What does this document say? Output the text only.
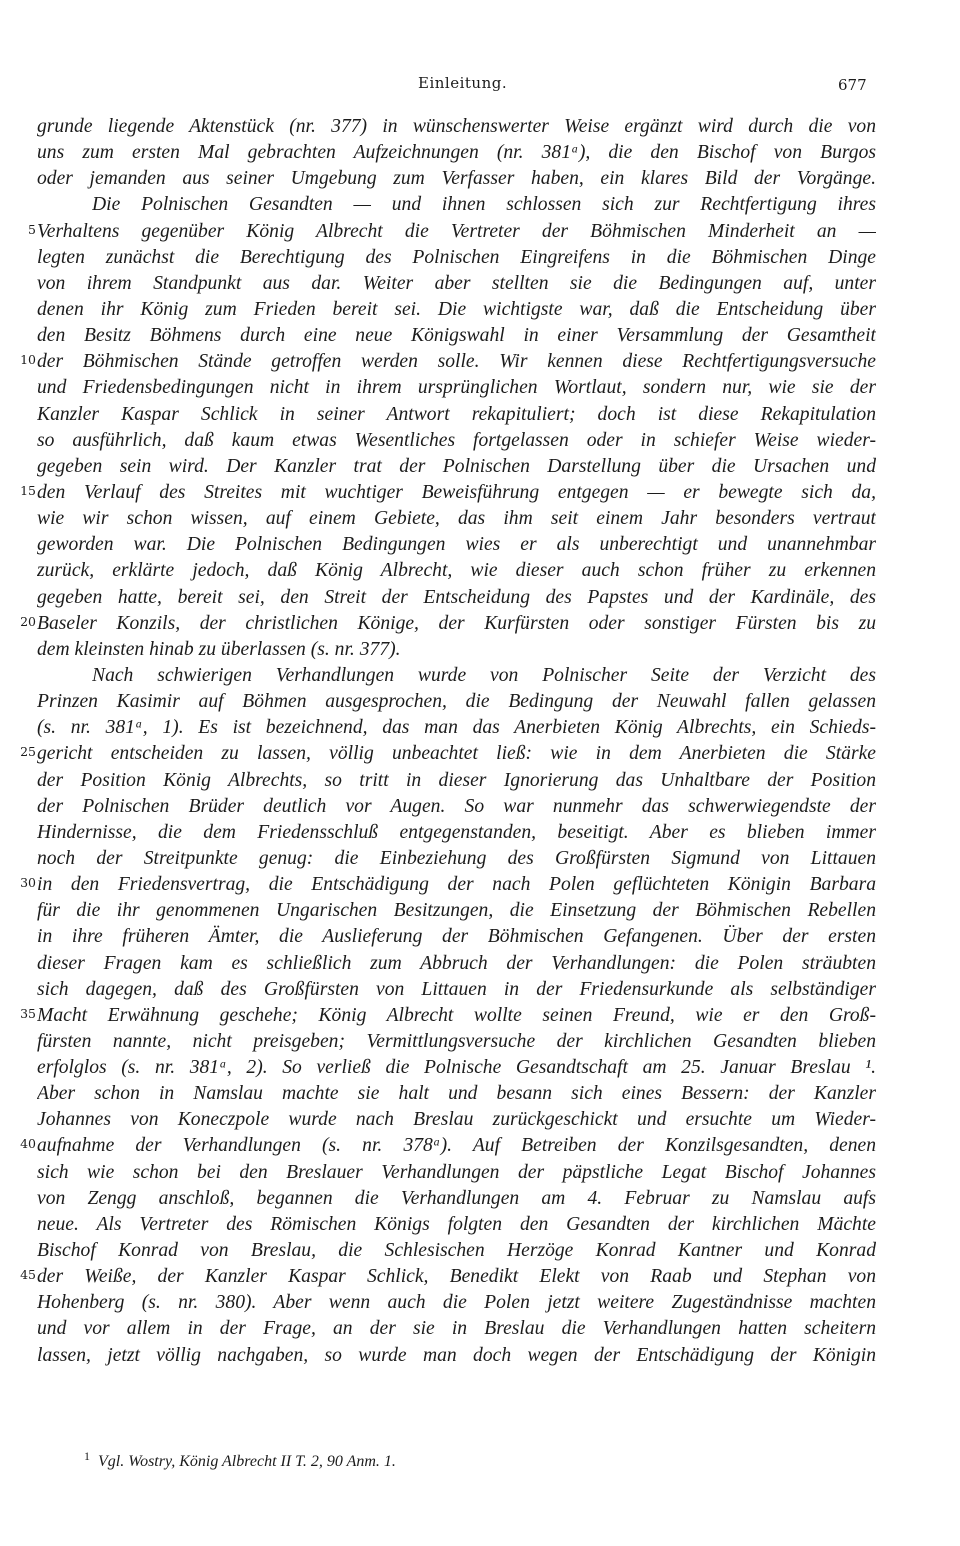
Einleitung.	677
grunde liegende Aktenstück (nr. 377) in wünschenswerter Weise ergänzt wird durch die von
uns zum ersten Mal gebrachten Aufzeichnungen (nr. 381ᵃ), die den Bischof von Burgos
oder jemanden aus seiner Umgebung zum Verfasser haben, ein klares Bild der Vorgänge.
Die Polnischen Gesandten — und ihnen schlossen sich zur Rechtfertigung ihres
5 Verhaltens gegenüber König Albrecht die Vertreter der Böhmischen Minderheit an —
legten zunächst die Berechtigung des Polnischen Eingreifens in die Böhmischen Dinge
von ihrem Standpunkt aus dar. Weiter aber stellten sie die Bedingungen auf, unter
denen ihr König zum Frieden bereit sei. Die wichtigste war, daß die Entscheidung über
den Besitz Böhmens durch eine neue Königswahl in einer Versammlung der Gesamtheit
10 der Böhmischen Stände getroffen werden solle. Wir kennen diese Rechtfertigungsversuche
und Friedensbedingungen nicht in ihrem ursprünglichen Wortlaut, sondern nur, wie sie der
Kanzler Kaspar Schlick in seiner Antwort rekapituliert; doch ist diese Rekapitulation
so ausführlich, daß kaum etwas Wesentliches fortgelassen oder in schiefer Weise wieder-
gegeben sein wird. Der Kanzler trat der Polnischen Darstellung über die Ursachen und
15 den Verlauf des Streites mit wuchtiger Beweisführung entgegen — er bewegte sich da,
wie wir schon wissen, auf einem Gebiete, das ihm seit einem Jahr besonders vertraut
geworden war. Die Polnischen Bedingungen wies er als unberechtigt und unannehmbar
zurück, erklärte jedoch, daß König Albrecht, wie dieser auch schon früher zu erkennen
gegeben hatte, bereit sei, den Streit der Entscheidung des Papstes und der Kardinäle, des
20 Baseler Konzils, der christlichen Könige, der Kurfürsten oder sonstiger Fürsten bis zu
dem kleinsten hinab zu überlassen (s. nr. 377).
Nach schwierigen Verhandlungen wurde von Polnischer Seite der Verzicht des
Prinzen Kasimir auf Böhmen ausgesprochen, die Bedingung der Neuwahl fallen gelassen
(s. nr. 381ᵃ, 1). Es ist bezeichnend, das man das Anerbieten König Albrechts, ein Schieds-
25 gericht entscheiden zu lassen, völlig unbeachtet ließ: wie in dem Anerbieten die Stärke
der Position König Albrechts, so tritt in dieser Ignorierung das Unhaltbare der Position
der Polnischen Brüder deutlich vor Augen. So war nunmehr das schwerwiegendste der
Hindernisse, die dem Friedensschluß entgegenstanden, beseitigt. Aber es blieben immer
noch der Streitpunkte genug: die Einbeziehung des Großfürsten Sigmund von Littauen
30 in den Friedensvertrag, die Entschädigung der nach Polen geflüchteten Königin Barbara
für die ihr genommenen Ungarischen Besitzungen, die Einsetzung der Böhmischen Rebellen
in ihre früheren Ämter, die Auslieferung der Böhmischen Gefangenen. Über der ersten
dieser Fragen kam es schließlich zum Abbruch der Verhandlungen: die Polen sträubten
sich dagegen, daß des Großfürsten von Littauen in der Friedensurkunde als selbständiger
35 Macht Erwähnung geschehe; König Albrecht wollte seinen Freund, wie er den Groß-
fürsten nannte, nicht preisgeben; Vermittlungsversuche der kirchlichen Gesandten blieben
erfolglos (s. nr. 381ᵃ, 2). So verließ die Polnische Gesandtschaft am 25. Januar Breslau ¹.
Aber schon in Namslau machte sie halt und besann sich eines Bessern: der Kanzler
Johannes von Koneczpole wurde nach Breslau zurückgeschickt und ersuchte um Wieder-
40 aufnahme der Verhandlungen (s. nr. 378ᵃ). Auf Betreiben der Konzilsgesandten, denen
sich wie schon bei den Breslauer Verhandlungen der päpstliche Legat Bischof Johannes
von Zengg anschloß, begannen die Verhandlungen am 4. Februar zu Namslau aufs
neue. Als Vertreter des Römischen Königs folgten den Gesandten der kirchlichen Mächte
Bischof Konrad von Breslau, die Schlesischen Herzöge Konrad Kantner und Konrad
45 der Weiße, der Kanzler Kaspar Schlick, Benedikt Elekt von Raab und Stephan von
Hohenberg (s. nr. 380). Aber wenn auch die Polen jetzt weitere Zugeständnisse machten
und vor allem in der Frage, an der sie in Breslau die Verhandlungen hatten scheitern
lassen, jetzt völlig nachgaben, so wurde man doch wegen der Entschädigung der Königin
$^1$ Vgl. Wostry, König Albrecht II T. 2, 90 Anm. 1.
